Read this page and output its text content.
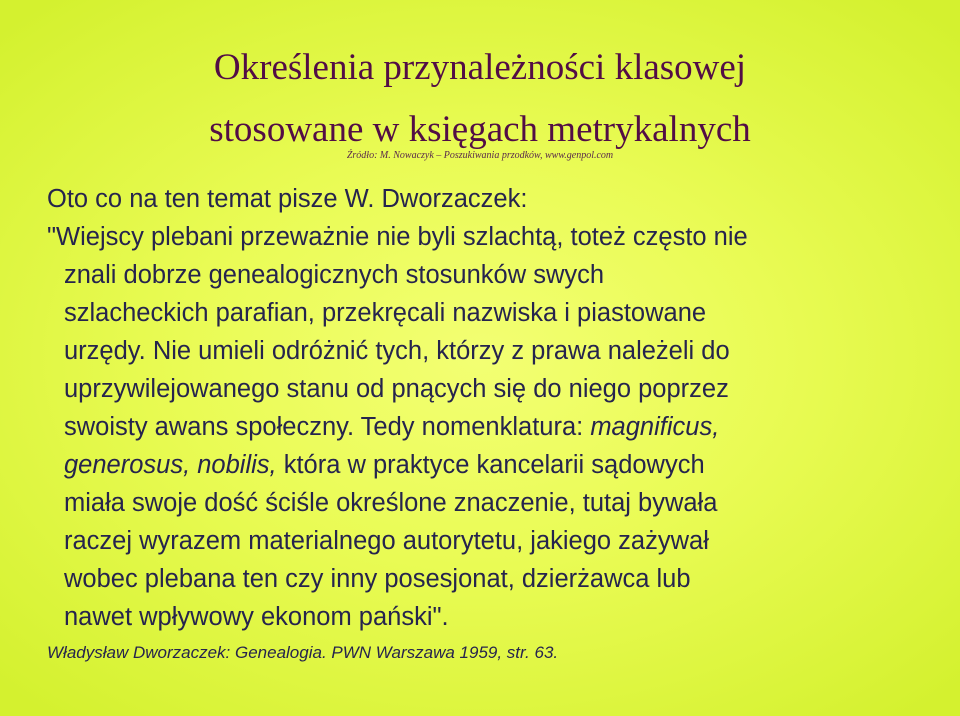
Określenia przynależności klasowej
stosowane w księgach metrykalnych
Źródło: M. Nowaczyk – Poszukiwania przodków, www.genpol.com
Oto co na ten temat pisze W. Dworzaczek:
"Wiejscy plebani przeważnie nie byli szlachtą, toteż często nie
znali dobrze genealogicznych stosunków swych
szlacheckich parafian, przekręcali nazwiska i piastowane
urzędy. Nie umieli odróżnić tych, którzy z prawa należeli do
uprzywilejowanego stanu od pnących się do niego poprzez
swoisty awans społeczny. Tedy nomenklatura: magnificus,
generosus, nobilis, która w praktyce kancelarii sądowych
miała swoje dość ściśle określone znaczenie, tutaj bywała
raczej wyrazem materialnego autorytetu, jakiego zażywał
wobec plebana ten czy inny posesjonat, dzierżawca lub
nawet wpływowy ekonom pański".
Władysław Dworzaczek: Genealogia. PWN Warszawa 1959, str. 63.
